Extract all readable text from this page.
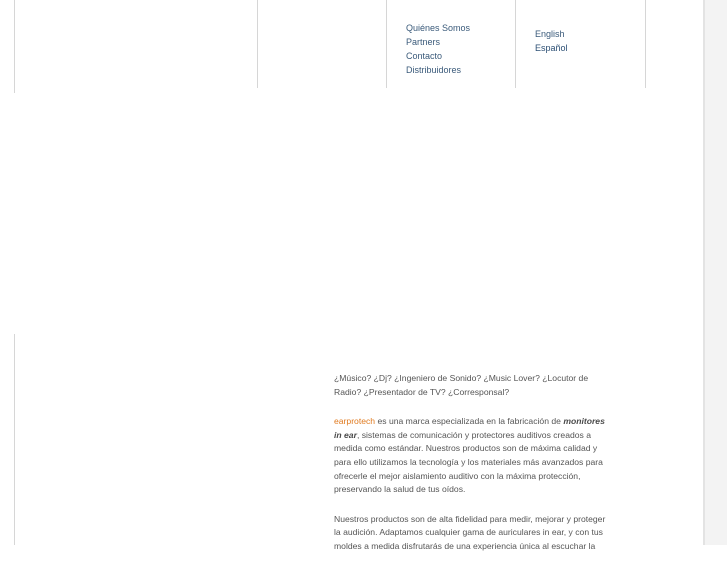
Quiénes Somos
Partners
Contacto
Distribuidores
English
Español

¿Músico? ¿Dj? ¿Ingeniero de Sonido? ¿Music Lover? ¿Locutor de Radio? ¿Presentador de TV? ¿Corresponsal?

earprotech es una marca especializada en la fabricación de monitores in ear, sistemas de comunicación y protectores auditivos creados a medida como estándar. Nuestros productos son de máxima calidad y para ello utilizamos la tecnología y los materiales más avanzados para ofrecerle el mejor aislamiento auditivo con la máxima protección, preservando la salud de tus oídos.

Nuestros productos son de alta fidelidad para medir, mejorar y proteger la audición. Adaptamos cualquier gama de auriculares in ear, y con tus moldes a medida disfrutarás de una experiencia única al escuchar la
